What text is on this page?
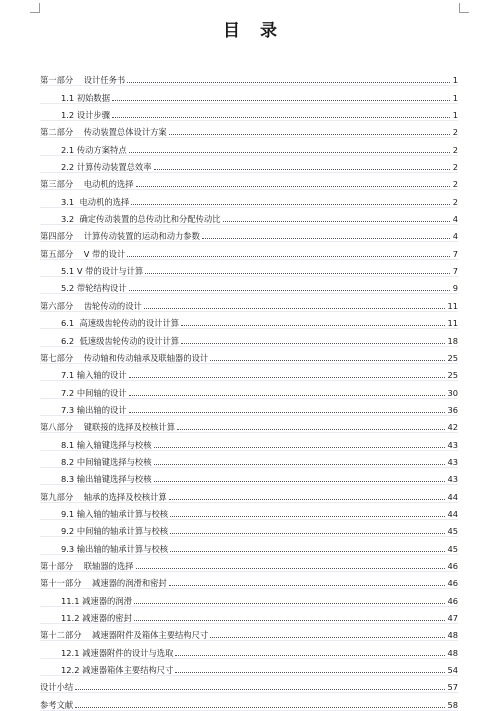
目 录
第一部分    设计任务书	1
1.1 初始数据	1
1.2 设计步骤	1
第二部分    传动装置总体设计方案	2
2.1 传动方案特点	2
2.2 计算传动装置总效率	2
第三部分    电动机的选择	2
3.1  电动机的选择	2
3.2  确定传动装置的总传动比和分配传动比	4
第四部分    计算传动装置的运动和动力参数	4
第五部分    V 带的设计	7
5.1 V 带的设计与计算	7
5.2 带轮结构设计	9
第六部分    齿轮传动的设计	11
6.1  高速级齿轮传动的设计计算	11
6.2  低速级齿轮传动的设计计算	18
第七部分    传动轴和传动轴承及联轴器的设计	25
7.1 输入轴的设计	25
7.2 中间轴的设计	30
7.3 输出轴的设计	36
第八部分    键联接的选择及校核计算	42
8.1 输入轴键选择与校核	43
8.2 中间轴键选择与校核	43
8.3 输出轴键选择与校核	43
第九部分    轴承的选择及校核计算	44
9.1 输入轴的轴承计算与校核	44
9.2 中间轴的轴承计算与校核	45
9.3 输出轴的轴承计算与校核	45
第十部分    联轴器的选择	46
第十一部分    减速器的润滑和密封	46
11.1 减速器的润滑	46
11.2 减速器的密封	47
第十二部分    减速器附件及箱体主要结构尺寸	48
12.1 减速器附件的设计与选取	48
12.2 减速器箱体主要结构尺寸	54
设计小结	57
参考文献	58
